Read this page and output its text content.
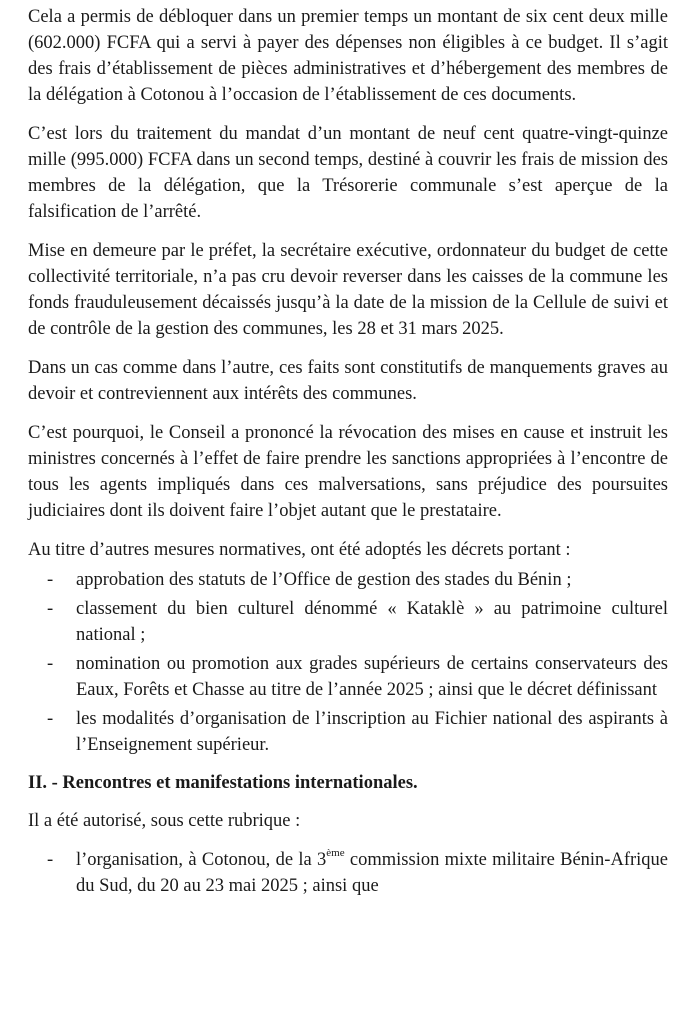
Cela a permis de débloquer dans un premier temps un montant de six cent deux mille (602.000) FCFA qui a servi à payer des dépenses non éligibles à ce budget. Il s’agit des frais d’établissement de pièces administratives et d’hébergement des membres de la délégation à Cotonou à l’occasion de l’établissement de ces documents.

C’est lors du traitement du mandat d’un montant de neuf cent quatre-vingt-quinze mille (995.000) FCFA dans un second temps, destiné à couvrir les frais de mission des membres de la délégation, que la Trésorerie communale s’est aperçue de la falsification de l’arrêté.

Mise en demeure par le préfet, la secrétaire exécutive, ordonnateur du budget de cette collectivité territoriale, n’a pas cru devoir reverser dans les caisses de la commune les fonds frauduleusement décaissés jusqu’à la date de la mission de la Cellule de suivi et de contrôle de la gestion des communes, les 28 et 31 mars 2025.

Dans un cas comme dans l’autre, ces faits sont constitutifs de manquements graves au devoir et contreviennent aux intérêts des communes.

C’est pourquoi, le Conseil a prononcé la révocation des mises en cause et instruit les ministres concernés à l’effet de faire prendre les sanctions appropriées à l’encontre de tous les agents impliqués dans ces malversations, sans préjudice des poursuites judiciaires dont ils doivent faire l’objet autant que le prestataire.

Au titre d’autres mesures normatives, ont été adoptés les décrets portant :

- approbation des statuts de l’Office de gestion des stades du Bénin ;
- classement du bien culturel dénommé « Kataklè » au patrimoine culturel national ;
- nomination ou promotion aux grades supérieurs de certains conservateurs des Eaux, Forêts et Chasse au titre de l’année 2025 ; ainsi que le décret définissant
- les modalités d’organisation de l’inscription au Fichier national des aspirants à l’Enseignement supérieur.
II. - Rencontres et manifestations internationales.

Il a été autorisé, sous cette rubrique :

- l’organisation, à Cotonou, de la 3ème commission mixte militaire Bénin-Afrique du Sud, du 20 au 23 mai 2025 ; ainsi que
